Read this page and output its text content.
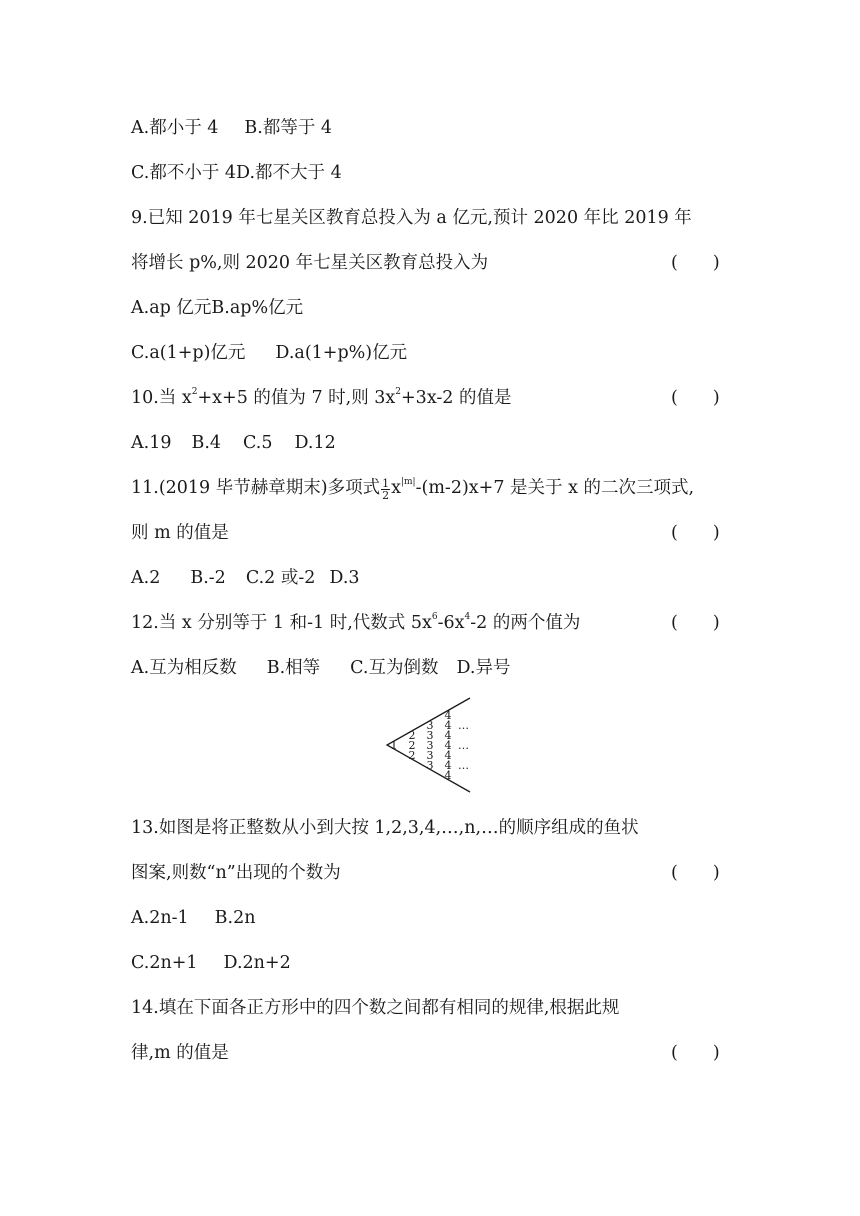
A.都小于 4 B.都等于 4
C.都不小于 4D.都不大于 4
9.已知 2019 年七星关区教育总投入为 a 亿元,预计 2020 年比 2019 年
将增长 p%,则 2020 年七星关区教育总投入为	(　　)
A.ap 亿元B.ap%亿元
C.a(1+p)亿元 D.a(1+p%)亿元
10.当 $x^2+x+5$ 的值为 7 时,则 $3x^2+3x-2$ 的值是	(　　)
A.19 B.4 C.5 D.12
11.(2019 毕节赫章期末)多项式 $\frac{1}{2} x^{|m|}-(m-2)x+7$ 是关于 x 的二次三项式,
则 m 的值是	(　　)
A.2 B.-2 C.2 或-2 D.3
12.当 x 分别等于 1 和-1 时,代数式 $5x^6-6x^4-2$ 的两个值为	(　　)
A.互为相反数 B.相等 C.互为倒数 D.异号
1
2
2
2
3
3
3
3
3
4
4
4
4
4
4
4
…
…
…
13.如图是将正整数从小到大按 1,2,3,4,…,n,…的顺序组成的鱼状
图案,则数“n”出现的个数为	(　　)
A.2n-1 B.2n
C.2n+1 D.2n+2
14.填在下面各正方形中的四个数之间都有相同的规律,根据此规
律,m 的值是	(　　)
